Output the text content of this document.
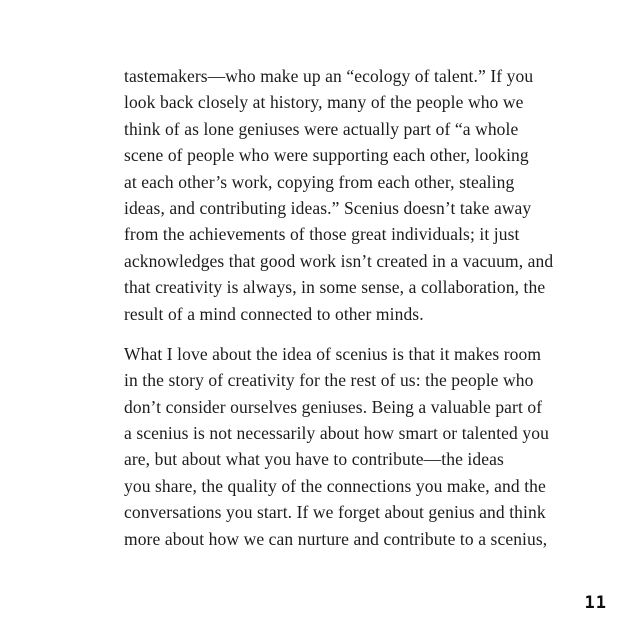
tastemakers—who make up an “ecology of talent.” If you
look back closely at history, many of the people who we
think of as lone geniuses were actually part of “a whole
scene of people who were supporting each other, looking
at each other’s work, copying from each other, stealing
ideas, and contributing ideas.” Scenius doesn’t take away
from the achievements of those great individuals; it just
acknowledges that good work isn’t created in a vacuum, and
that creativity is always, in some sense, a collaboration, the
result of a mind connected to other minds.
What I love about the idea of scenius is that it makes room
in the story of creativity for the rest of us: the people who
don’t consider ourselves geniuses. Being a valuable part of
a scenius is not necessarily about how smart or talented you
are, but about what you have to contribute—the ideas
you share, the quality of the connections you make, and the
conversations you start. If we forget about genius and think
more about how we can nurture and contribute to a scenius,
11
